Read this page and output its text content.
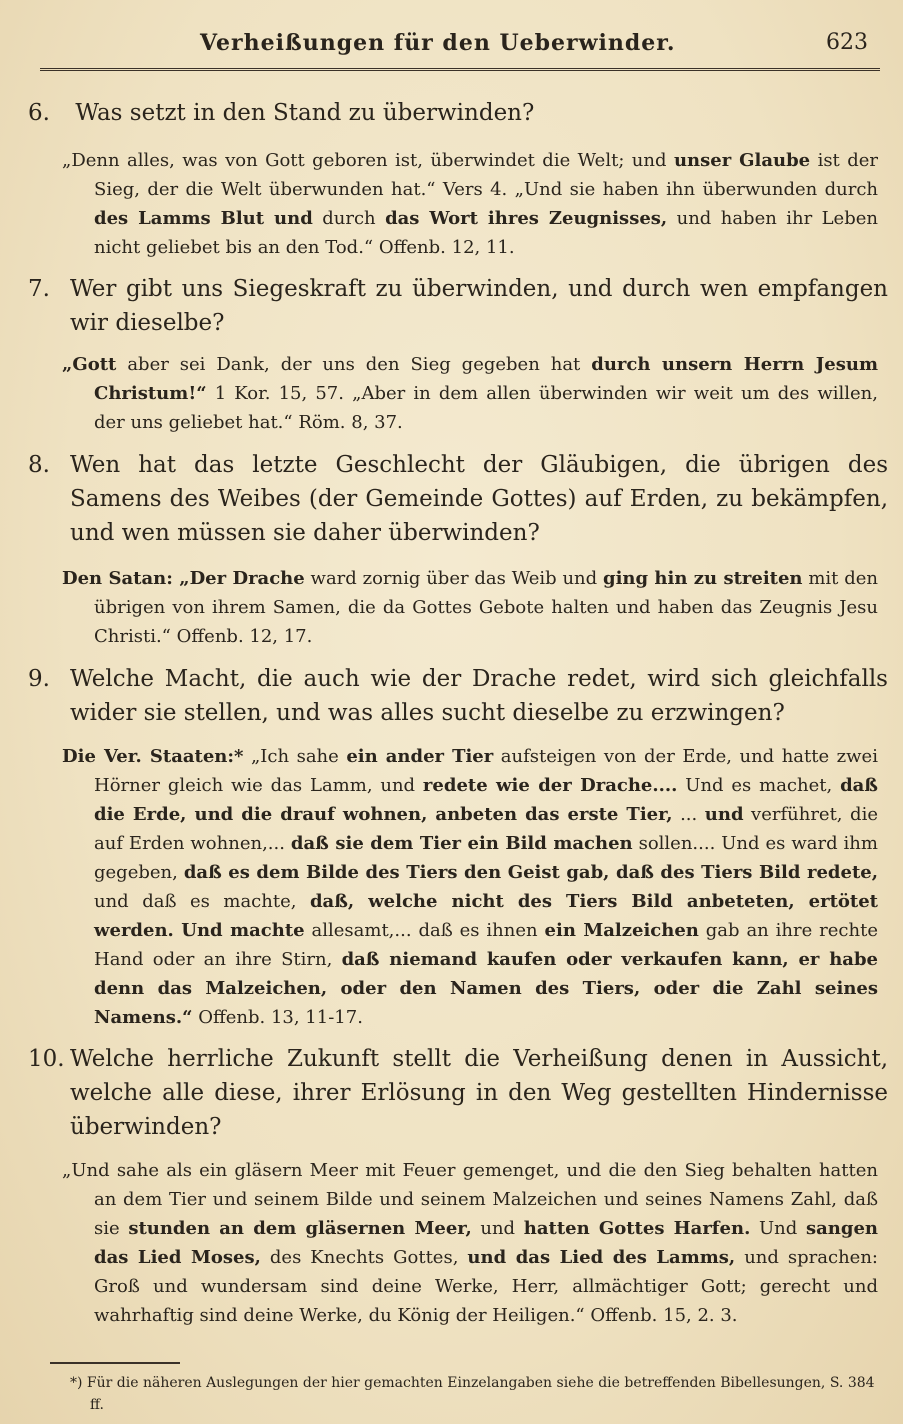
Verheißungen für den Ueberwinder.	623
6. Was setzt in den Stand zu überwinden?

„Denn alles, was von Gott geboren ist, überwindet die Welt; und unser Glaube ist der Sieg, der die Welt überwunden hat.“ Vers 4. „Und sie haben ihn überwunden durch des Lamms Blut und durch das Wort ihres Zeugnisses, und haben ihr Leben nicht geliebet bis an den Tod.“ Offenb. 12, 11.

7. Wer gibt uns Siegeskraft zu überwinden, und durch wen empfangen wir dieselbe?

„Gott aber sei Dank, der uns den Sieg gegeben hat durch unsern Herrn Jesum Christum!“ 1 Kor. 15, 57. „Aber in dem allen überwinden wir weit um des willen, der uns geliebet hat.“ Röm. 8, 37.

8. Wen hat das letzte Geschlecht der Gläubigen, die übrigen des Samens des Weibes (der Gemeinde Gottes) auf Erden, zu bekämpfen, und wen müssen sie daher überwinden?

Den Satan: „Der Drache ward zornig über das Weib und ging hin zu streiten mit den übrigen von ihrem Samen, die da Gottes Gebote halten und haben das Zeugnis Jesu Christi.“ Offenb. 12, 17.

9. Welche Macht, die auch wie der Drache redet, wird sich gleichfalls wider sie stellen, und was alles sucht dieselbe zu erzwingen?

Die Ver. Staaten:* „Ich sahe ein ander Tier aufsteigen von der Erde, und hatte zwei Hörner gleich wie das Lamm, und redete wie der Drache.... Und es machet, daß die Erde, und die drauf wohnen, anbeten das erste Tier, ... und verführet, die auf Erden wohnen,... daß sie dem Tier ein Bild machen sollen.... Und es ward ihm gegeben, daß es dem Bilde des Tiers den Geist gab, daß des Tiers Bild redete, und daß es machte, daß, welche nicht des Tiers Bild anbeteten, ertötet werden. Und machte allesamt,... daß es ihnen ein Malzeichen gab an ihre rechte Hand oder an ihre Stirn, daß niemand kaufen oder verkaufen kann, er habe denn das Malzeichen, oder den Namen des Tiers, oder die Zahl seines Namens.“ Offenb. 13, 11-17.

10. Welche herrliche Zukunft stellt die Verheißung denen in Aussicht, welche alle diese, ihrer Erlösung in den Weg gestellten Hindernisse überwinden?

„Und sahe als ein gläsern Meer mit Feuer gemenget, und die den Sieg behalten hatten an dem Tier und seinem Bilde und seinem Malzeichen und seines Namens Zahl, daß sie stunden an dem gläsernen Meer, und hatten Gottes Harfen. Und sangen das Lied Moses, des Knechts Gottes, und das Lied des Lamms, und sprachen: Groß und wundersam sind deine Werke, Herr, allmächtiger Gott; gerecht und wahrhaftig sind deine Werke, du König der Heiligen.“ Offenb. 15, 2. 3.

*) Für die näheren Auslegungen der hier gemachten Einzelangaben siehe die betreffenden Bibellesungen, S. 384 ff.
